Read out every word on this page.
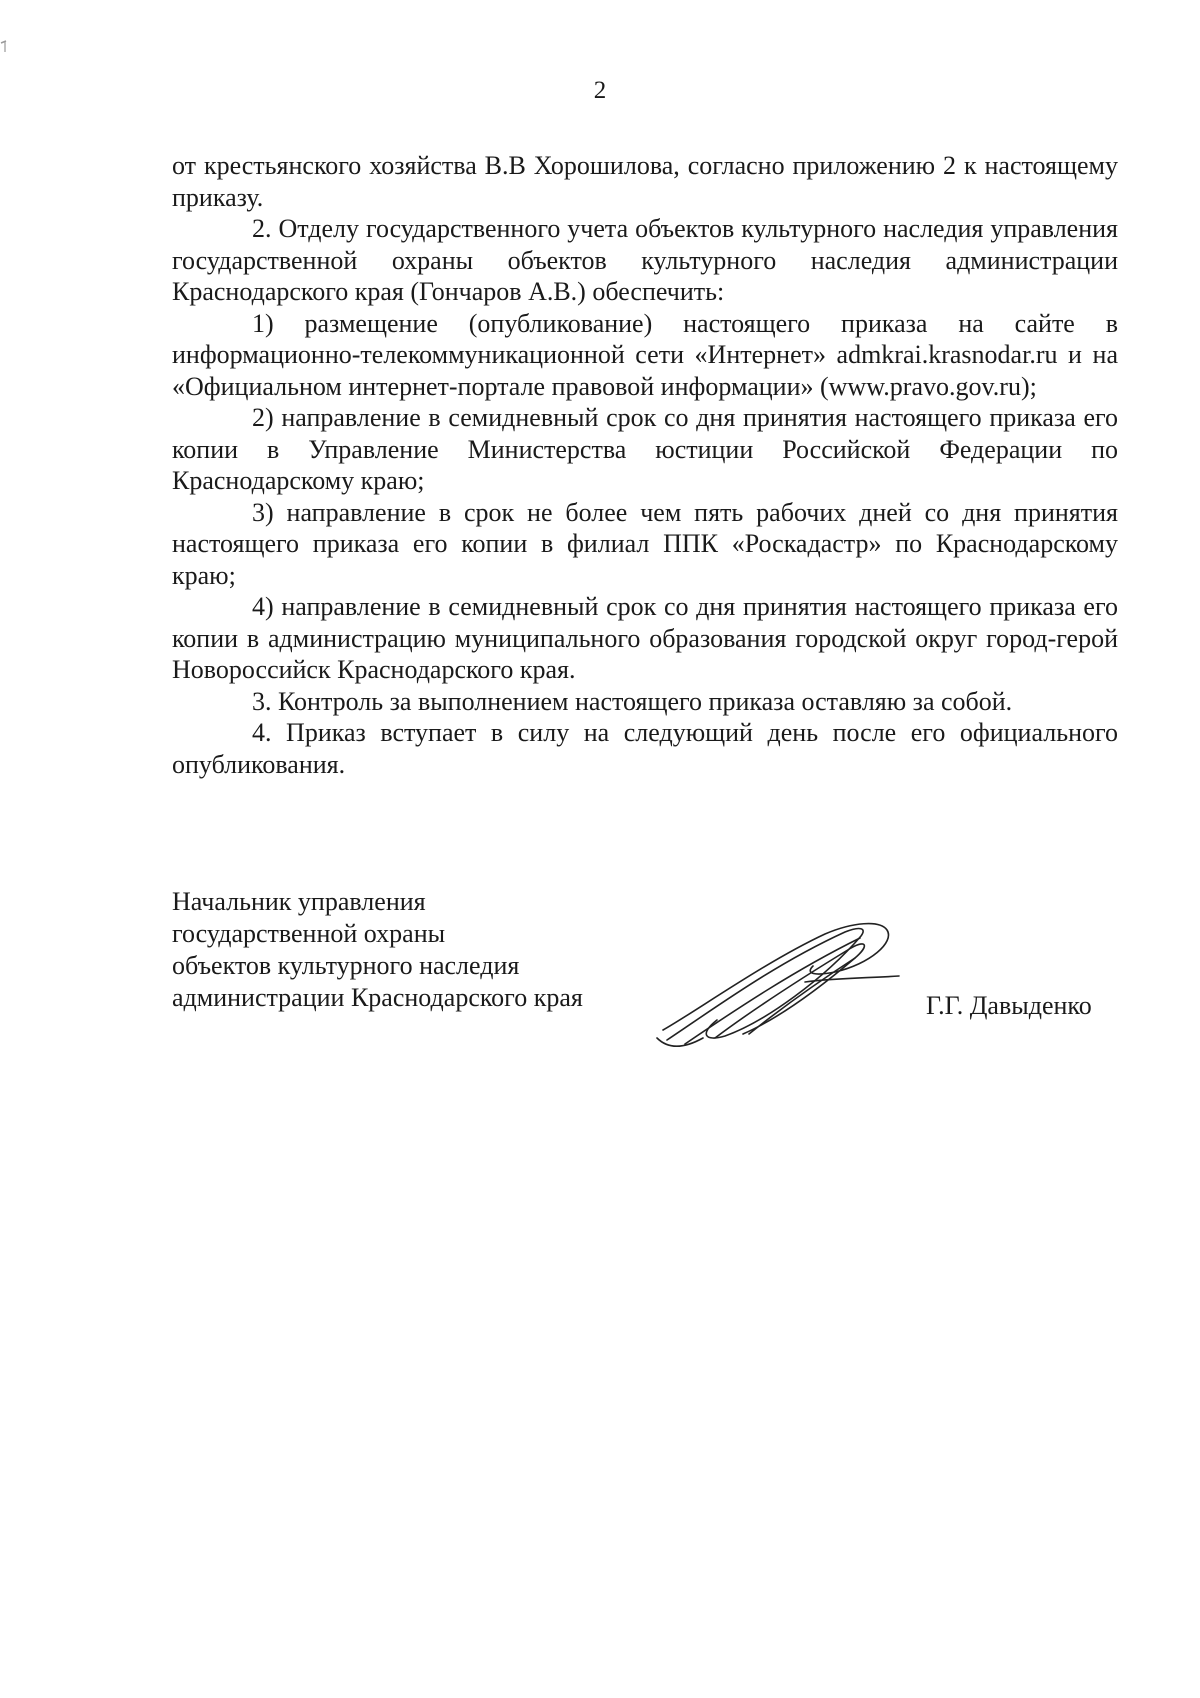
2

от крестьянского хозяйства В.В Хорошилова, согласно приложению 2 к настоящему приказу.

2. Отделу государственного учета объектов культурного наследия управления государственной охраны объектов культурного наследия администрации Краснодарского края (Гончаров А.В.) обеспечить:

1) размещение (опубликование) настоящего приказа на сайте в информационно-телекоммуникационной сети «Интернет» admkrai.krasnodar.ru и на «Официальном интернет-портале правовой информации» (www.pravo.gov.ru);

2) направление в семидневный срок со дня принятия настоящего приказа его копии в Управление Министерства юстиции Российской Федерации по Краснодарскому краю;

3) направление в срок не более чем пять рабочих дней со дня принятия настоящего приказа его копии в филиал ППК «Роскадастр» по Краснодарскому краю;

4) направление в семидневный срок со дня принятия настоящего приказа его копии в администрацию муниципального образования городской округ город-герой Новороссийск Краснодарского края.

3. Контроль за выполнением настоящего приказа оставляю за собой.

4. Приказ вступает в силу на следующий день после его официального опубликования.

Начальник управления
государственной охраны
объектов культурного наследия
администрации Краснодарского края	Г.Г. Давыденко
